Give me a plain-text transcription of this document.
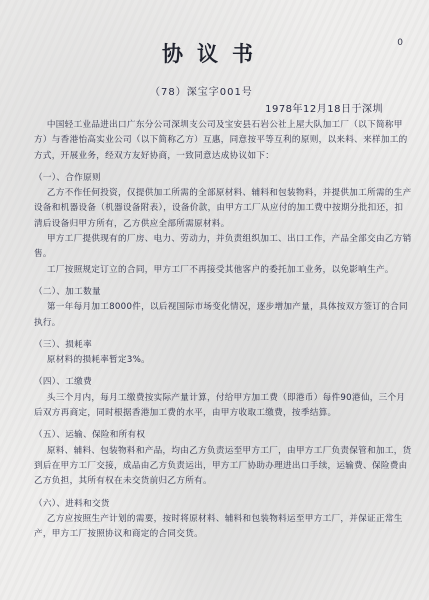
协议书	0
（78）深宝字001号
1978年12月18日于深圳

中国轻工业品进出口广东分公司深圳支公司及宝安县石岩公社上屋大队加工厂（以下简称甲方）与香港怡高实业公司（以下简称乙方）互惠，同意按平等互利的原则，以来料、来样加工的方式，开展业务，经双方友好协商，一致同意达成协议如下：

（一）、合作原则

乙方不作任何投资，仅提供加工所需的全部原材料、辅料和包装物料，并提供加工所需的生产设备和机器设备（机器设备附表），设备价款，由甲方工厂从应付的加工费中按期分批扣还，扣清后设备归甲方所有，乙方供应全部所需原材料。

甲方工厂提供现有的厂房、电力、劳动力，并负责组织加工、出口工作，产品全部交由乙方销售。

工厂按照规定订立的合同，甲方工厂不再接受其他客户的委托加工业务，以免影响生产。

（二）、加工数量

第一年每月加工8000件，以后视国际市场变化情况，逐步增加产量，具体按双方签订的合同执行。

（三）、损耗率

原材料的损耗率暂定3%。

（四）、工缴费

头三个月内，每月工缴费按实际产量计算，付给甲方加工费（即港币）每件90港仙，三个月后双方再商定，同时根据香港加工费的水平，由甲方收取工缴费，按季结算。

（五）、运输、保险和所有权

原料、辅料、包装物料和产品，均由乙方负责运至甲方工厂，由甲方工厂负责保管和加工，货到后在甲方工厂交接，成品由乙方负责运出，甲方工厂协助办理进出口手续，运输费、保险费由乙方负担，其所有权在未交货前归乙方所有。

（六）、进料和交货

乙方应按照生产计划的需要，按时将原材料、辅料和包装物料运至甲方工厂，并保证正常生产，甲方工厂按照协议和商定的合同交货。
